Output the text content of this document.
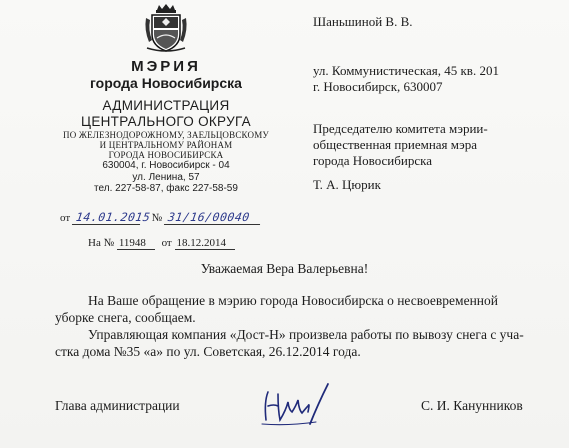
МЭРИЯ
города Новосибирска
АДМИНИСТРАЦИЯ
ЦЕНТРАЛЬНОГО ОКРУГА
ПО ЖЕЛЕЗНОДОРОЖНОМУ, ЗАЕЛЬЦОВСКОМУ
И ЦЕНТРАЛЬНОМУ РАЙОНАМ
ГОРОДА НОВОСИБИРСКА
630004, г. Новосибирск - 04
ул. Ленина, 57
тел. 227-58-87, факс 227-58-59
от 14.01.2015 № 31/16/00040
На № 11948 от 18.12.2014
Шаньшиной В. В.
ул. Коммунистическая, 45 кв. 201
г. Новосибирск, 630007
Председателю комитета мэрии-
общественная приемная мэра
города Новосибирска
Т. А. Цюрик
Уважаемая Вера Валерьевна!
На Ваше обращение в мэрию города Новосибирска о несвоевременной
уборке снега, сообщаем.
Управляющая компания «Дост-Н» произвела работы по вывозу снега с уча-
стка дома №35 «а» по ул. Советская, 26.12.2014 года.
Глава администрации	С. И. Канунников
